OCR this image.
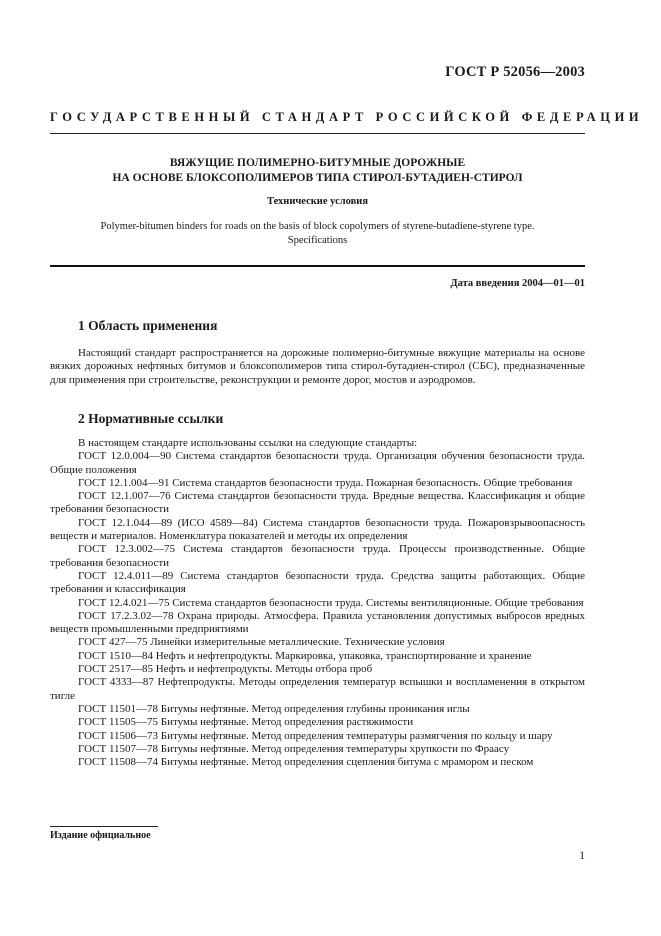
ГОСТ Р 52056—2003
ГОСУДАРСТВЕННЫЙ СТАНДАРТ РОССИЙСКОЙ ФЕДЕРАЦИИ
ВЯЖУЩИЕ ПОЛИМЕРНО-БИТУМНЫЕ ДОРОЖНЫЕ
НА ОСНОВЕ БЛОКСОПОЛИМЕРОВ ТИПА СТИРОЛ-БУТАДИЕН-СТИРОЛ
Технические условия
Polymer-bitumen binders for roads on the basis of block copolymers of styrene-butadiene-styrene type.
Specifications
Дата введения 2004—01—01
1 Область применения

Настоящий стандарт распространяется на дорожные полимерно-битумные вяжущие материалы на основе вязких дорожных нефтяных битумов и блоксополимеров типа стирол-бутадиен-стирол (СБС), предназначенные для применения при строительстве, реконструкции и ремонте дорог, мостов и аэродромов.

2 Нормативные ссылки

В настоящем стандарте использованы ссылки на следующие стандарты:

ГОСТ 12.0.004—90 Система стандартов безопасности труда. Организация обучения безопасности труда. Общие положения

ГОСТ 12.1.004—91 Система стандартов безопасности труда. Пожарная безопасность. Общие требования

ГОСТ 12.1.007—76 Система стандартов безопасности труда. Вредные вещества. Классификация и общие требования безопасности

ГОСТ 12.1.044—89 (ИСО 4589—84) Система стандартов безопасности труда. Пожаровзрывоопасность веществ и материалов. Номенклатура показателей и методы их определения

ГОСТ 12.3.002—75 Система стандартов безопасности труда. Процессы производственные. Общие требования безопасности

ГОСТ 12.4.011—89 Система стандартов безопасности труда. Средства защиты работающих. Общие требования и классификация

ГОСТ 12.4.021—75 Система стандартов безопасности труда. Системы вентиляционные. Общие требования

ГОСТ 17.2.3.02—78 Охрана природы. Атмосфера. Правила установления допустимых выбросов вредных веществ промышленными предприятиями

ГОСТ 427—75 Линейки измерительные металлические. Технические условия

ГОСТ 1510—84 Нефть и нефтепродукты. Маркировка, упаковка, транспортирование и хранение

ГОСТ 2517—85 Нефть и нефтепродукты. Методы отбора проб

ГОСТ 4333—87 Нефтепродукты. Методы определения температур вспышки и воспламенения в открытом тигле

ГОСТ 11501—78 Битумы нефтяные. Метод определения глубины проникания иглы

ГОСТ 11505—75 Битумы нефтяные. Метод определения растяжимости

ГОСТ 11506—73 Битумы нефтяные. Метод определения температуры размягчения по кольцу и шару

ГОСТ 11507—78 Битумы нефтяные. Метод определения температуры хрупкости по Фраасу

ГОСТ 11508—74 Битумы нефтяные. Метод определения сцепления битума с мрамором и песком

Издание официальное
1
